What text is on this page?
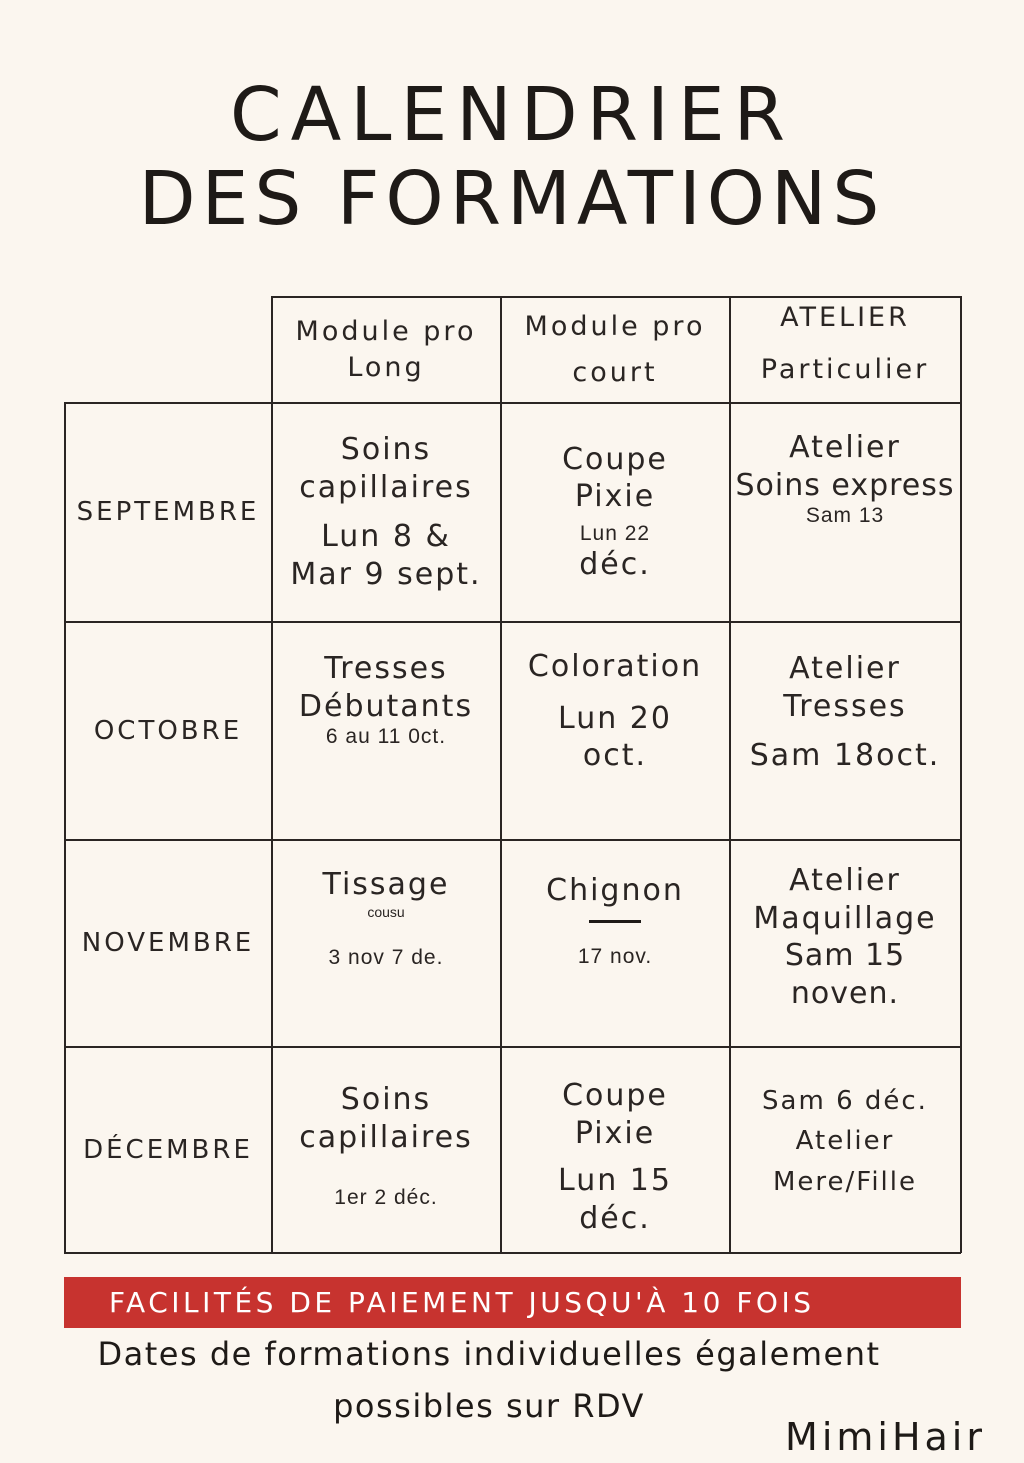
CALENDRIER
DES FORMATIONS
Module pro
Long
Module pro
court
ATELIER
Particulier
SEPTEMBRE
Soins
capillaires
Lun 8 &
Mar 9 sept.
Coupe
Pixie
Lun 22
déc.
Atelier
Soins express
Sam 13
OCTOBRE
Tresses
Débutants
6 au 11 0ct.
Coloration
Lun 20
oct.
Atelier
Tresses
Sam 18oct.
NOVEMBRE
Tissage
cousu
3 nov 7 de.
Chignon
17 nov.
Atelier
Maquillage
Sam 15 noven.
DÉCEMBRE
Soins
capillaires
1er 2 déc.
Coupe
Pixie
Lun 15
déc.
Sam 6 déc.
Atelier
Mere/Fille
FACILITÉS DE PAIEMENT JUSQU'À 10 FOIS
Dates de formations individuelles également
possibles sur RDV
MimiHair
